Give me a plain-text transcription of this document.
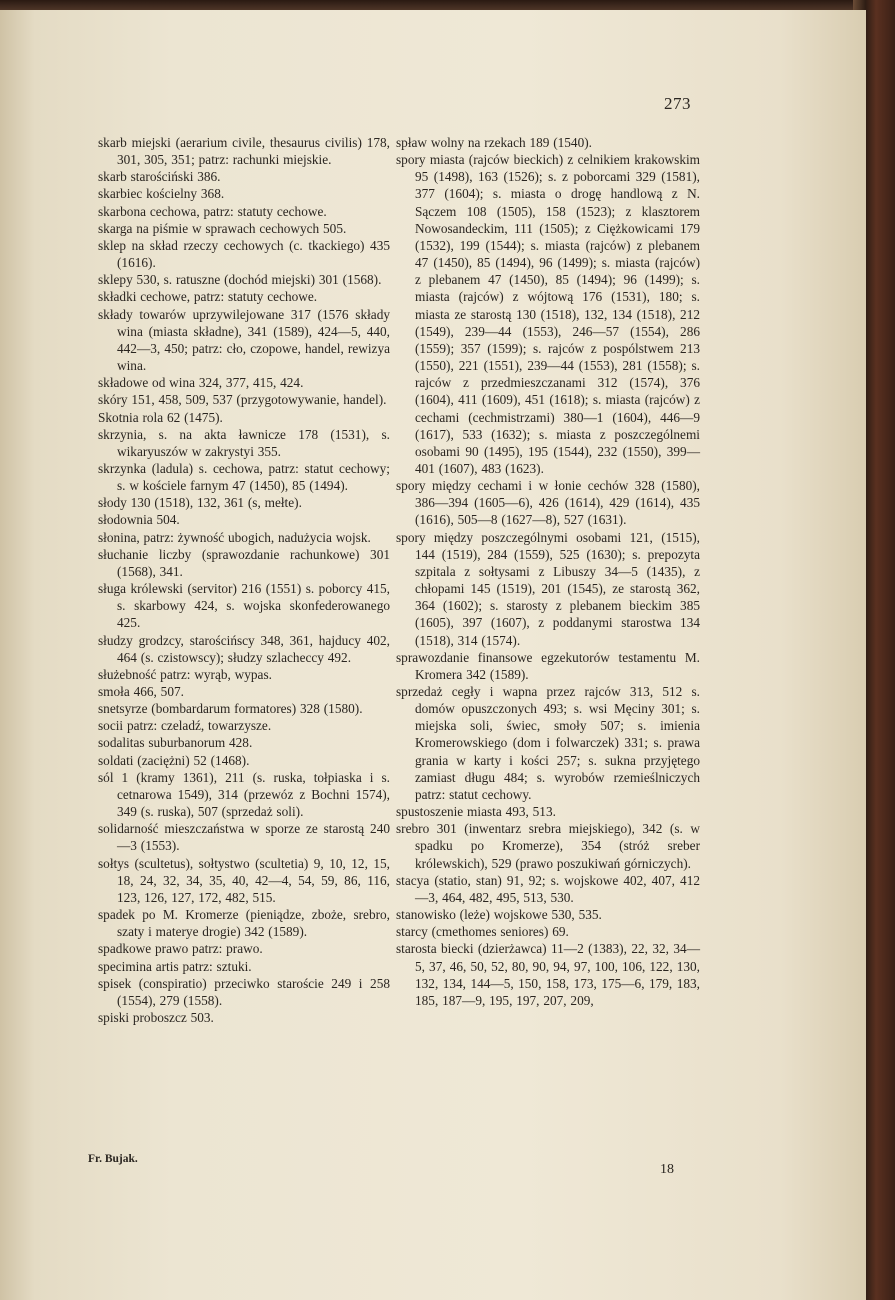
273
skarb miejski (aerarium civile, thesaurus civilis) 178, 301, 305, 351; patrz: rachunki miejskie.
skarb starościński 386.
skarbiec kościelny 368.
skarbona cechowa, patrz: statuty cechowe.
skarga na piśmie w sprawach cechowych 505.
sklep na skład rzeczy cechowych (c. tkackiego) 435 (1616).
sklepy 530, s. ratuszne (dochód miejski) 301 (1568).
składki cechowe, patrz: statuty cechowe.
składy towarów uprzywilejowane 317 (1576 składy wina (miasta składne), 341 (1589), 424—5, 440, 442—3, 450; patrz: cło, czopowe, handel, rewizya wina.
składowe od wina 324, 377, 415, 424.
skóry 151, 458, 509, 537 (przygotowywanie, handel).
Skotnia rola 62 (1475).
skrzynia, s. na akta ławnicze 178 (1531), s. wikaryuszów w zakrystyi 355.
skrzynka (ladula) s. cechowa, patrz: statut cechowy; s. w kościele farnym 47 (1450), 85 (1494).
słody 130 (1518), 132, 361 (s, mełte).
słodownia 504.
słonina, patrz: żywność ubogich, nadużycia wojsk.
słuchanie liczby (sprawozdanie rachunkowe) 301 (1568), 341.
sługa królewski (servitor) 216 (1551) s. poborcy 415, s. skarbowy 424, s. wojska skonfederowanego 425.
słudzy grodzcy, starościńscy 348, 361, hajducy 402, 464 (s. czistowscy); słudzy szlacheccy 492.
służebność patrz: wyrąb, wypas.
smoła 466, 507.
snetsyrze (bombardarum formatores) 328 (1580).
socii patrz: czeladź, towarzysze.
sodalitas suburbanorum 428.
soldati (zaciężni) 52 (1468).
sól 1 (kramy 1361), 211 (s. ruska, tołpiaska i s. cetnarowa 1549), 314 (przewóz z Bochni 1574), 349 (s. ruska), 507 (sprzedaż soli).
solidarność mieszczaństwa w sporze ze starostą 240—3 (1553).
sołtys (scultetus), sołtystwo (scultetia) 9, 10, 12, 15, 18, 24, 32, 34, 35, 40, 42—4, 54, 59, 86, 116, 123, 126, 127, 172, 482, 515.
spadek po M. Kromerze (pieniądze, zboże, srebro, szaty i materye drogie) 342 (1589).
spadkowe prawo patrz: prawo.
specimina artis patrz: sztuki.
spisek (conspiratio) przeciwko staroście 249 i 258 (1554), 279 (1558).
spiski proboszcz 503.
spław wolny na rzekach 189 (1540).
spory miasta (rajców bieckich) z celnikiem krakowskim 95 (1498), 163 (1526); s. z poborcami 329 (1581), 377 (1604); s. miasta o drogę handlową z N. Sączem 108 (1505), 158 (1523); z klasztorem Nowosandeckim, 111 (1505); z Ciężkowicami 179 (1532), 199 (1544); s. miasta (rajców) z plebanem 47 (1450), 85 (1494), 96 (1499); s. miasta (rajców) z plebanem 47 (1450), 85 (1494); 96 (1499); s. miasta (rajców) z wójtową 176 (1531), 180; s. miasta ze starostą 130 (1518), 132, 134 (1518), 212 (1549), 239—44 (1553), 246—57 (1554), 286 (1559); 357 (1599); s. rajców z pospólstwem 213 (1550), 221 (1551), 239—44 (1553), 281 (1558); s. rajców z przedmieszczanami 312 (1574), 376 (1604), 411 (1609), 451 (1618); s. miasta (rajców) z cechami (cechmistrzami) 380—1 (1604), 446—9 (1617), 533 (1632); s. miasta z poszczególnemi osobami 90 (1495), 195 (1544), 232 (1550), 399—401 (1607), 483 (1623).
spory między cechami i w łonie cechów 328 (1580), 386—394 (1605—6), 426 (1614), 429 (1614), 435 (1616), 505—8 (1627—8), 527 (1631).
spory między poszczególnymi osobami 121, (1515), 144 (1519), 284 (1559), 525 (1630); s. prepozyta szpitala z sołtysami z Libuszy 34—5 (1435), z chłopami 145 (1519), 201 (1545), ze starostą 362, 364 (1602); s. starosty z plebanem bieckim 385 (1605), 397 (1607), z poddanymi starostwa 134 (1518), 314 (1574).
sprawozdanie finansowe egzekutorów testamentu M. Kromera 342 (1589).
sprzedaż cegły i wapna przez rajców 313, 512 s. domów opuszczonych 493; s. wsi Męciny 301; s. miejska soli, świec, smoły 507; s. imienia Kromerowskiego (dom i folwarczek) 331; s. prawa grania w karty i kości 257; s. sukna przyjętego zamiast długu 484; s. wyrobów rzemieślniczych patrz: statut cechowy.
spustoszenie miasta 493, 513.
srebro 301 (inwentarz srebra miejskiego), 342 (s. w spadku po Kromerze), 354 (stróż sreber królewskich), 529 (prawo poszukiwań górniczych).
stacya (statio, stan) 91, 92; s. wojskowe 402, 407, 412—3, 464, 482, 495, 513, 530.
stanowisko (leże) wojskowe 530, 535.
starcy (cmethomes seniores) 69.
starosta biecki (dzierżawca) 11—2 (1383), 22, 32, 34—5, 37, 46, 50, 52, 80, 90, 94, 97, 100, 106, 122, 130, 132, 134, 144—5, 150, 158, 173, 175—6, 179, 183, 185, 187—9, 195, 197, 207, 209,
Fr. Bujak.
18
